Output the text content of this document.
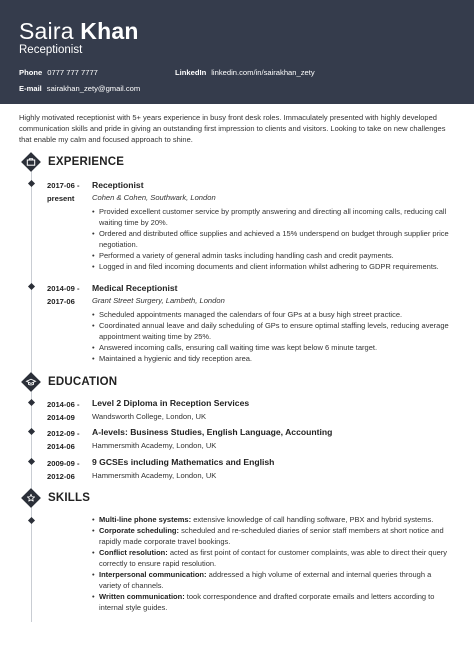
Saira Khan
Receptionist
Phone 0777 777 7777	LinkedIn linkedin.com/in/sairakhan_zety
E-mail sairakhan_zety@gmail.com
Highly motivated receptionist with 5+ years experience in busy front desk roles. Immaculately presented with highly developed communication skills and pride in giving an outstanding first impression to clients and visitors. Looking to take on new challenges that enable my calm and focused approach to shine.
EXPERIENCE
2017-06 -
present
Receptionist
Cohen & Cohen, Southwark, London
• Provided excellent customer service by promptly answering and directing all incoming calls, reducing call waiting time by 20%.
• Ordered and distributed office supplies and achieved a 15% underspend on budget through supplier price negotiation.
• Performed a variety of general admin tasks including handling cash and credit payments.
• Logged in and filed incoming documents and client information whilst adhering to GDPR requirements.
2014-09 -
2017-06
Medical Receptionist
Grant Street Surgery, Lambeth, London
• Scheduled appointments managed the calendars of four GPs at a busy high street practice.
• Coordinated annual leave and daily scheduling of GPs to ensure optimal staffing levels, reducing average appointment waiting time by 25%.
• Answered incoming calls, ensuring call waiting time was kept below 6 minute target.
• Maintained a hygienic and tidy reception area.
EDUCATION
2014-06 -
2014-09
Level 2 Diploma in Reception Services
Wandsworth College, London, UK
2012-09 -
2014-06
A-levels: Business Studies, English Language, Accounting
Hammersmith Academy, London, UK
2009-09 -
2012-06
9 GCSEs including Mathematics and English
Hammersmith Academy, London, UK
SKILLS
• Multi-line phone systems: extensive knowledge of call handling software, PBX and hybrid systems.
• Corporate scheduling: scheduled and re-scheduled diaries of senior staff members at short notice and rapidly made corporate travel bookings.
• Conflict resolution: acted as first point of contact for customer complaints, was able to direct their query correctly to ensure rapid resolution.
• Interpersonal communication: addressed a high volume of external and internal queries through a variety of channels.
• Written communication: took correspondence and drafted corporate emails and letters according to internal style guides.
